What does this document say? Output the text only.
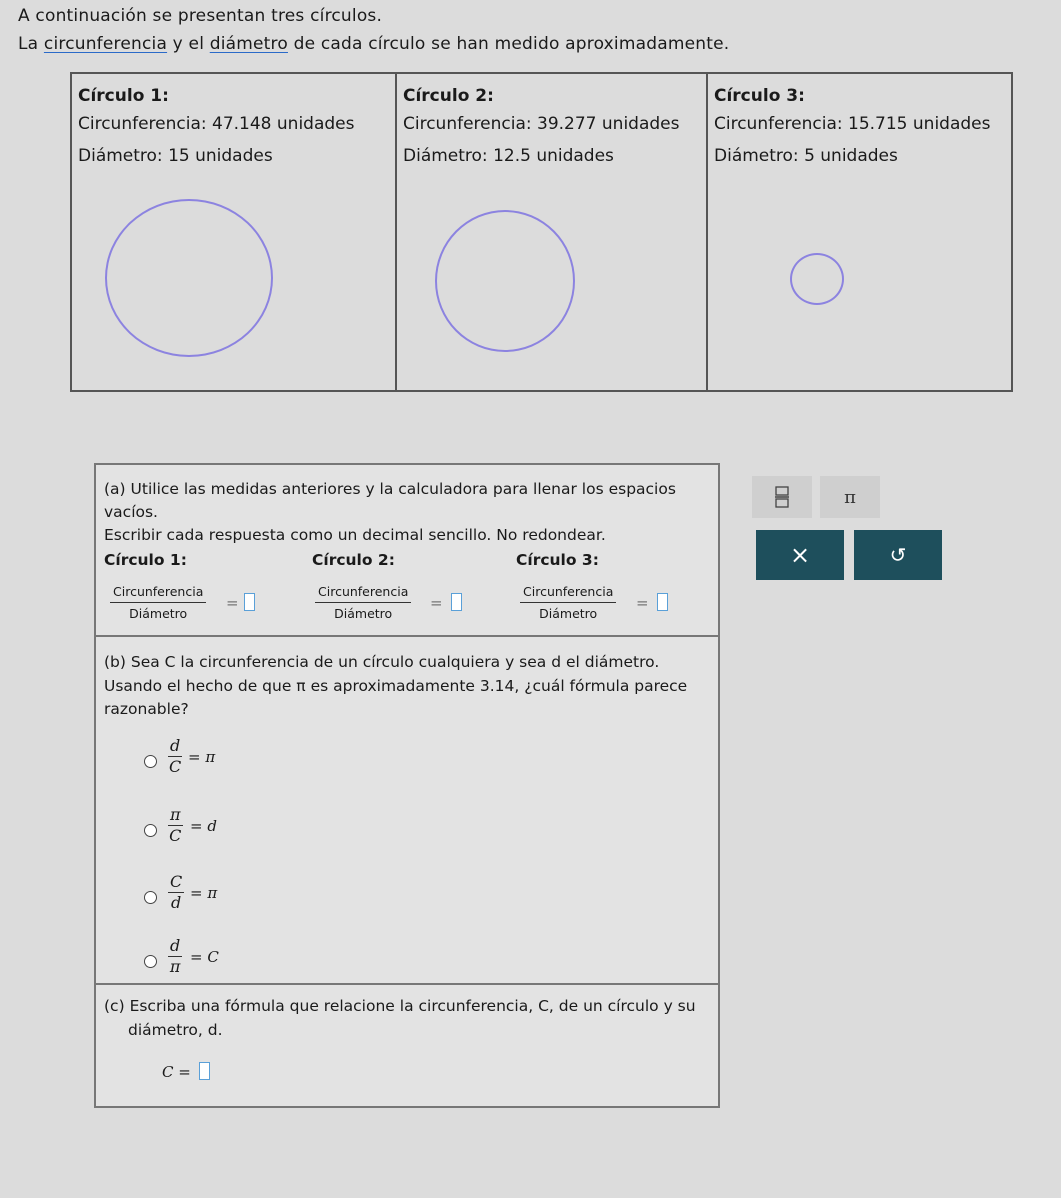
A continuación se presentan tres círculos.
La circunferencia y el diámetro de cada círculo se han medido aproximadamente.
Círculo 1:
Circunferencia: 47.148 unidades
Diámetro: 15 unidades
Círculo 2:
Circunferencia: 39.277 unidades
Diámetro: 12.5 unidades
Círculo 3:
Circunferencia: 15.715 unidades
Diámetro: 5 unidades
(a) Utilice las medidas anteriores y la calculadora para llenar los espacios
vacíos.
Escribir cada respuesta como un decimal sencillo. No redondear.
Círculo 1:	Círculo 2:	Círculo 3:
Circunferencia
Diámetro
=
Circunferencia
Diámetro
=
Circunferencia
Diámetro
=
(b) Sea C la circunferencia de un círculo cualquiera y sea d el diámetro.
Usando el hecho de que π es aproximadamente 3.14, ¿cuál fórmula parece
razonable?
$\frac{d}{C} = \pi$
$\frac{\pi}{C} = d$
$\frac{C}{d} = \pi$
$\frac{d}{\pi} = C$
(c) Escriba una fórmula que relacione la circunferencia, C, de un círculo y su
diámetro, d.
C =
π
×	↺
